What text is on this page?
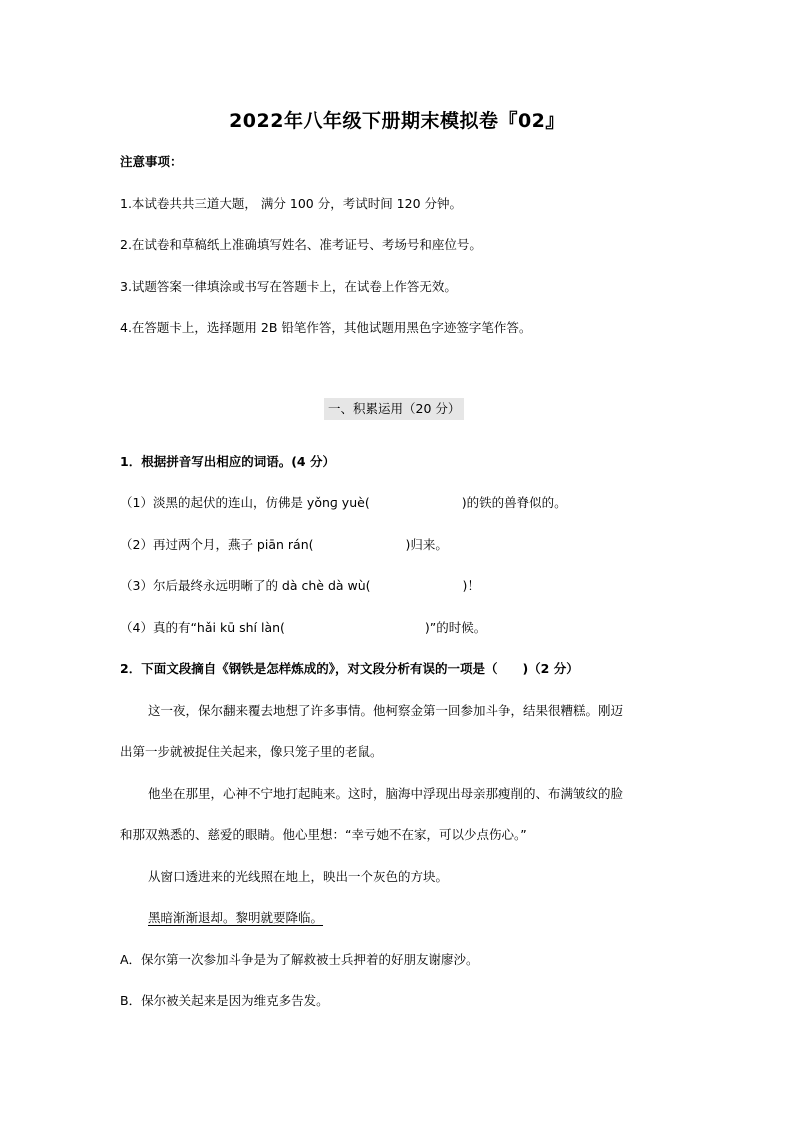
2022年八年级下册期末模拟卷『02』
注意事项：
1.本试卷共共三道大题， 满分 100 分，考试时间 120 分钟。
2.在试卷和草稿纸上准确填写姓名、准考证号、考场号和座位号。
3.试题答案一律填涂或书写在答题卡上，在试卷上作答无效。
4.在答题卡上，选择题用 2B 铅笔作答，其他试题用黑色字迹签字笔作答。
一、积累运用（20 分）
1．根据拼音写出相应的词语。(4 分）
（1）淡黑的起伏的连山，仿佛是 yǒnɡ yuè(	)的铁的兽脊似的。
（2）再过两个月，燕子 piān rán(	)归来。
（3）尔后最终永远明晰了的 dà chè dà wù(	)！
（4）真的有“hǎi kū shí làn(	)”的时候。
2．下面文段摘自《钢铁是怎样炼成的》，对文段分析有误的一项是（　　)（2 分）
这一夜，保尔翻来覆去地想了许多事情。他柯察金第一回参加斗争，结果很糟糕。刚迈
出第一步就被捉住关起来，像只笼子里的老鼠。
他坐在那里，心神不宁地打起盹来。这时，脑海中浮现出母亲那瘦削的、布满皱纹的脸
和那双熟悉的、慈爱的眼睛。他心里想：“幸亏她不在家，可以少点伤心。”
从窗口透进来的光线照在地上，映出一个灰色的方块。
黑暗渐渐退却。黎明就要降临。
A．保尔第一次参加斗争是为了解救被士兵押着的好朋友谢廖沙。
B．保尔被关起来是因为维克多告发。
